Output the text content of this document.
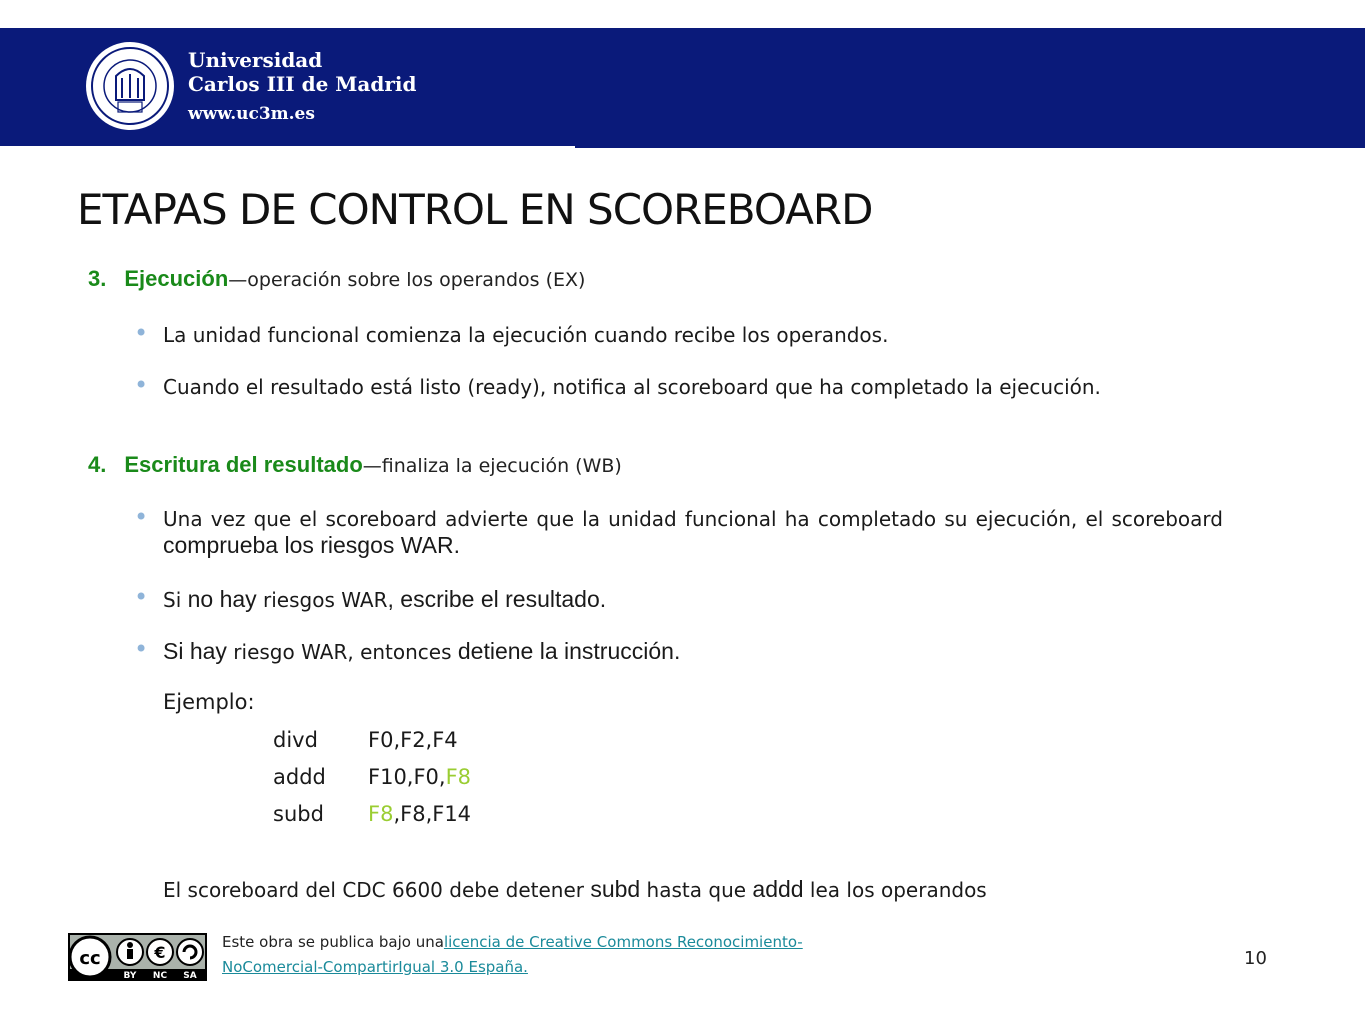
Universidad
Carlos III de Madrid
www.uc3m.es
ETAPAS DE CONTROL EN SCOREBOARD
3. Ejecución—operación sobre los operandos (EX)
• La unidad funcional comienza la ejecución cuando recibe los operandos.
• Cuando el resultado está listo (ready), notifica al scoreboard que ha completado la ejecución.
4. Escritura del resultado—finaliza la ejecución (WB)
• Una vez que el scoreboard advierte que la unidad funcional ha completado su ejecución, el scoreboard comprueba los riesgos WAR.
• Si no hay riesgos WAR, escribe el resultado.
• Si hay riesgo WAR, entonces detiene la instrucción.
Ejemplo:
divd F0,F2,F4
addd F10,F0,F8
subd F8,F8,F14
El scoreboard del CDC 6600 debe detener subd hasta que addd lea los operandos
cc	€
BY NC SA
Este obra se publica bajo unalicencia de Creative Commons Reconocimiento-
NoComercial-CompartirIgual 3.0 España.	10
